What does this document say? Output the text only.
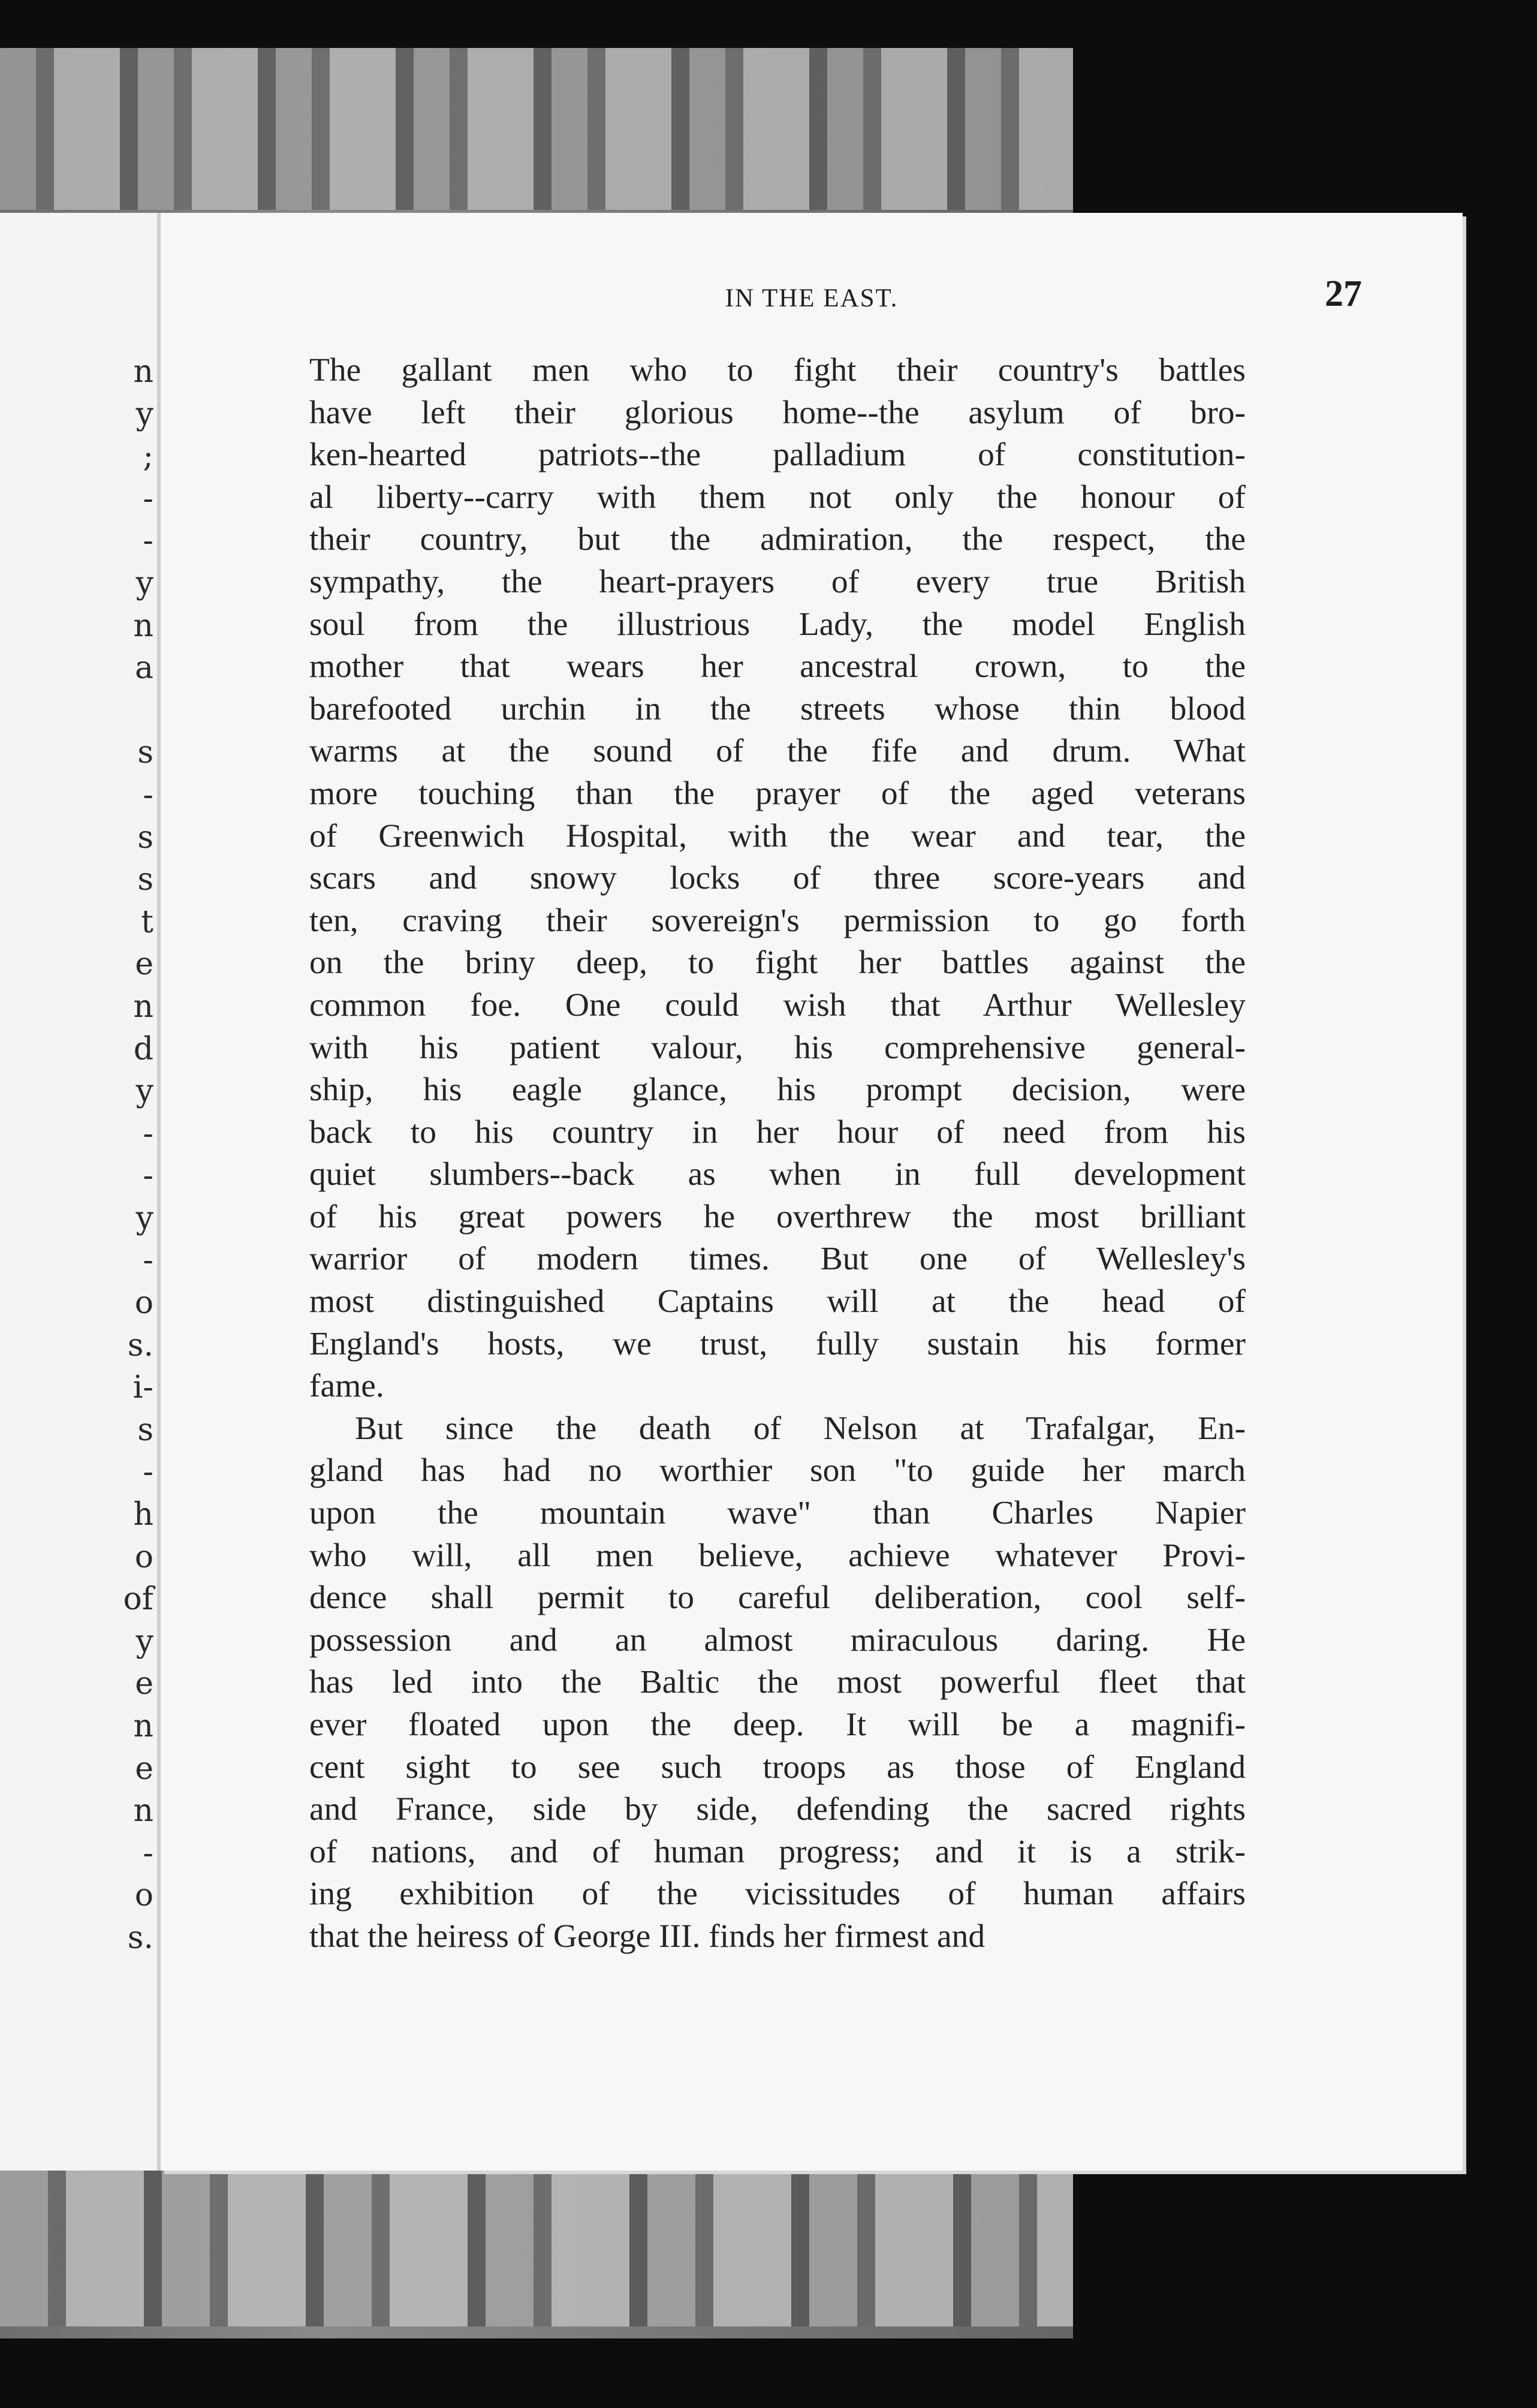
n
y
;
-
-
y
n
a

s
-
s
s
t
e
n
d
y
-
-
y
-
o
s.
i-
s
-
h
o
of
y
e
n
e
n
-
o
s.
IN THE EAST.	27
The gallant men who to fight their country's battles
have left their glorious home--the asylum of bro-
ken-hearted patriots--the palladium of constitution-
al liberty--carry with them not only the honour of
their country, but the admiration, the respect, the
sympathy, the heart-prayers of every true British
soul from the illustrious Lady, the model English
mother that wears her ancestral crown, to the
barefooted urchin in the streets whose thin blood
warms at the sound of the fife and drum. What
more touching than the prayer of the aged veterans
of Greenwich Hospital, with the wear and tear, the
scars and snowy locks of three score-years and
ten, craving their sovereign's permission to go forth
on the briny deep, to fight her battles against the
common foe. One could wish that Arthur Wellesley
with his patient valour, his comprehensive general-
ship, his eagle glance, his prompt decision, were
back to his country in her hour of need from his
quiet slumbers--back as when in full development
of his great powers he overthrew the most brilliant
warrior of modern times. But one of Wellesley's
most distinguished Captains will at the head of
England's hosts, we trust, fully sustain his former
fame.
But since the death of Nelson at Trafalgar, En-
gland has had no worthier son "to guide her march
upon the mountain wave" than Charles Napier
who will, all men believe, achieve whatever Provi-
dence shall permit to careful deliberation, cool self-
possession and an almost miraculous daring. He
has led into the Baltic the most powerful fleet that
ever floated upon the deep. It will be a magnifi-
cent sight to see such troops as those of England
and France, side by side, defending the sacred rights
of nations, and of human progress; and it is a strik-
ing exhibition of the vicissitudes of human affairs
that the heiress of George III. finds her firmest and
